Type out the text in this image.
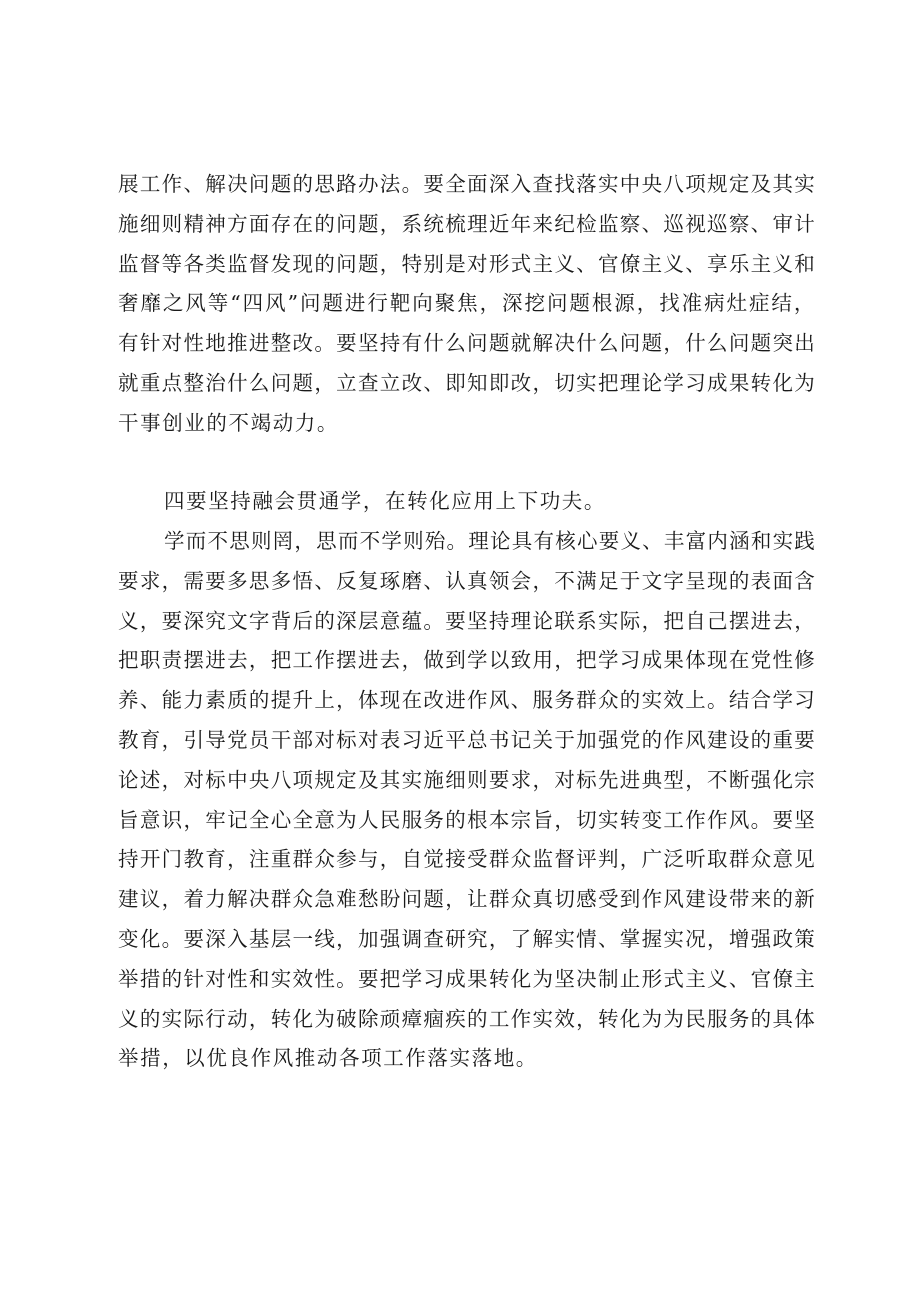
展工作、解决问题的思路办法。要全面深入查找落实中央八项规定及其实
施细则精神方面存在的问题，系统梳理近年来纪检监察、巡视巡察、审计
监督等各类监督发现的问题，特别是对形式主义、官僚主义、享乐主义和
奢靡之风等“四风”问题进行靶向聚焦，深挖问题根源，找准病灶症结，
有针对性地推进整改。要坚持有什么问题就解决什么问题，什么问题突出
就重点整治什么问题，立查立改、即知即改，切实把理论学习成果转化为
干事创业的不竭动力。
四要坚持融会贯通学，在转化应用上下功夫。
学而不思则罔，思而不学则殆。理论具有核心要义、丰富内涵和实践
要求，需要多思多悟、反复琢磨、认真领会，不满足于文字呈现的表面含
义，要深究文字背后的深层意蕴。要坚持理论联系实际，把自己摆进去，
把职责摆进去，把工作摆进去，做到学以致用，把学习成果体现在党性修
养、能力素质的提升上，体现在改进作风、服务群众的实效上。结合学习
教育，引导党员干部对标对表习近平总书记关于加强党的作风建设的重要
论述，对标中央八项规定及其实施细则要求，对标先进典型，不断强化宗
旨意识，牢记全心全意为人民服务的根本宗旨，切实转变工作作风。要坚
持开门教育，注重群众参与，自觉接受群众监督评判，广泛听取群众意见
建议，着力解决群众急难愁盼问题，让群众真切感受到作风建设带来的新
变化。要深入基层一线，加强调查研究，了解实情、掌握实况，增强政策
举措的针对性和实效性。要把学习成果转化为坚决制止形式主义、官僚主
义的实际行动，转化为破除顽瘴痼疾的工作实效，转化为为民服务的具体
举措，以优良作风推动各项工作落实落地。
